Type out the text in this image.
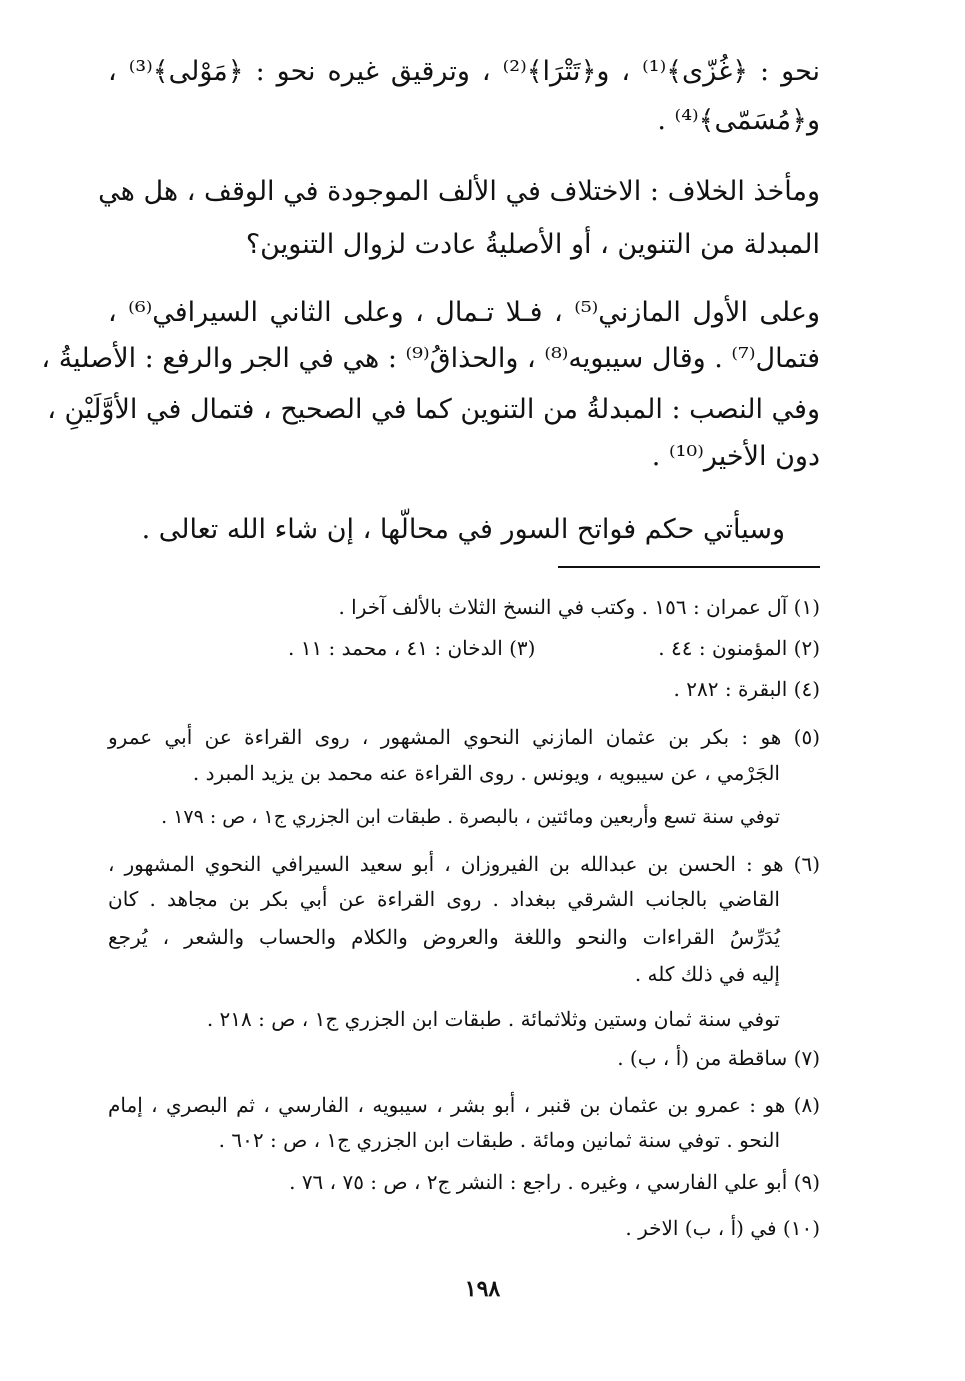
نحو : ﴿غُزّى﴾⁽¹⁾ ، و﴿تَتْرَا﴾⁽²⁾ ، وترقيق غيره نحو : ﴿مَوْلى﴾⁽³⁾ ،
و﴿مُسَمّى﴾⁽⁴⁾ .
ومأخذ الخلاف : الاختلاف في الألف الموجودة في الوقف ، هل هي
المبدلة من التنوين ، أو الأصليةُ عادت لزوال التنوين؟
وعلى الأول المازني⁽⁵⁾ ، فـلا تـمال ، وعلى الثاني السيرافي⁽⁶⁾ ،
فتمال⁽⁷⁾ . وقال سيبويه⁽⁸⁾ ، والحذاقُ⁽⁹⁾ : هي في الجر والرفع : الأصليةُ ،
وفي النصب : المبدلةُ من التنوين كما في الصحيح ، فتمال في الأوَّلَيْنِ ،
دون الأخير⁽¹⁰⁾ .
وسيأتي حكم فواتح السور في محالّها ، إن شاء الله تعالى .
(١) آل عمران : ١٥٦ . وكتب في النسخ الثلاث بالألف آخرا .
(٢) المؤمنون : ٤٤ .
(٣) الدخان : ٤١ ، محمد : ١١ .
(٤) البقرة : ٢٨٢ .
(٥) هو : بكر بن عثمان المازني النحوي المشهور ، روى القراءة عن أبي عمرو
الجَرْمي ، عن سيبويه ، ويونس . روى القراءة عنه محمد بن يزيد المبرد .
توفي سنة تسع وأربعين ومائتين ، بالبصرة . طبقات ابن الجزري ج١ ، ص : ١٧٩ .
(٦) هو : الحسن بن عبدالله بن الفيروزان ، أبو سعيد السيرافي النحوي المشهور ،
القاضي بالجانب الشرقي ببغداد . روى القراءة عن أبي بكر بن مجاهد . كان
يُدَرِّسُ القراءات والنحو واللغة والعروض والكلام والحساب والشعر ، يُرجع
إليه في ذلك كله .
توفي سنة ثمان وستين وثلاثمائة . طبقات ابن الجزري ج١ ، ص : ٢١٨ .
(٧) ساقطة من (أ ، ب) .
(٨) هو : عمرو بن عثمان بن قنبر ، أبو بشر ، سيبويه ، الفارسي ، ثم البصري ، إمام
النحو . توفي سنة ثمانين ومائة . طبقات ابن الجزري ج١ ، ص : ٦٠٢ .
(٩) أبو علي الفارسي ، وغيره . راجع : النشر ج٢ ، ص : ٧٥ ، ٧٦ .
(١٠) في (أ ، ب) الاخر .
١٩٨
